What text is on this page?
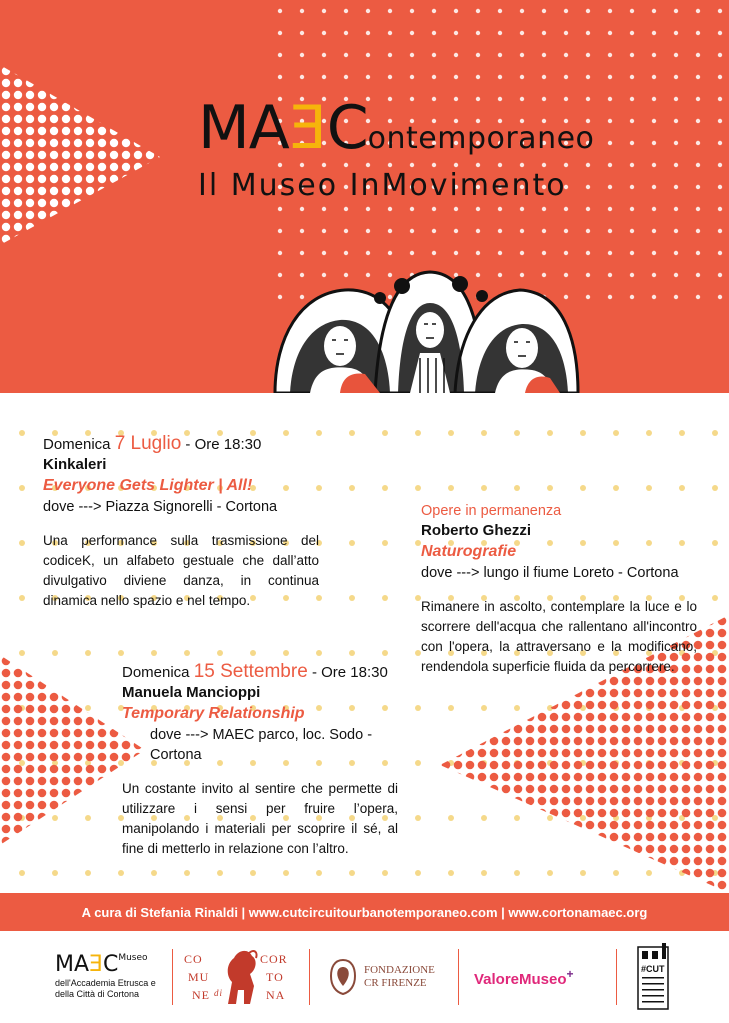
MAEContemporaneo
Il Museo InMovimento
Domenica 7 Luglio - Ore 18:30
Kinkaleri
Everyone Gets Lighter | All!
dove ---> Piazza Signorelli - Cortona
Una performance sulla trasmissione del codiceK, un alfabeto gestuale che dall’atto divulgativo diviene danza, in continua dinamica nello spazio e nel tempo.
Opere in permanenza
Roberto Ghezzi
Naturografie
dove ---> lungo il fiume Loreto - Cortona
Rimanere in ascolto, contemplare la luce e lo scorrere dell'acqua che rallentano all'incontro con l'opera, la attraversano e la modificano, rendendola superficie fluida da percorrere.
Domenica 15 Settembre - Ore 18:30
Manuela Mancioppi
Temporary Relationship
dove ---> MAEC parco, loc. Sodo - Cortona
Un costante invito al sentire che permette di utilizzare i sensi per fruire l’opera, manipolando i materiali per scoprire il sé, al fine di metterlo in relazione con l’altro.
A cura di Stefania Rinaldi | www.cutcircuitourbanotemporaneo.com | www.cortonamaec.org
$MAEC^{Museo}$
dell'Accademia Etrusca e della Città di Cortona
CO
MU
NE di
COR
TO
NA
FONDAZIONE CR FIRENZE	ValoreMuseo+	#CUT
